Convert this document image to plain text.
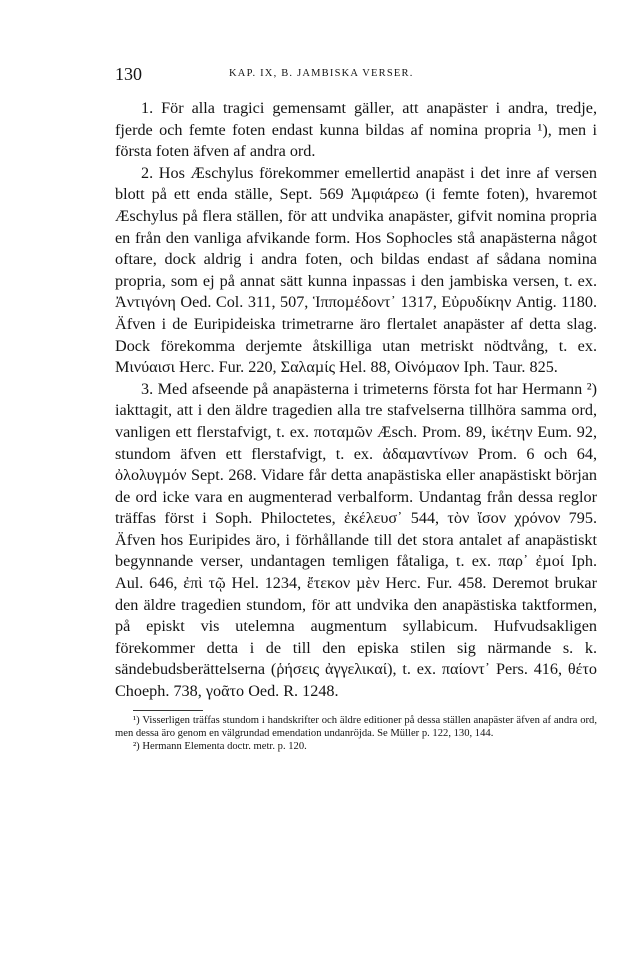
130	KAP. IX, B. JAMBISKA VERSER.

1. För alla tragici gemensamt gäller, att anapäster i andra, tredje, fjerde och femte foten endast kunna bildas af nomina propria ¹), men i första foten äfven af andra ord.

2. Hos Æschylus förekommer emellertid anapäst i det inre af versen blott på ett enda ställe, Sept. 569 Ἀμφιάρεω (i femte foten), hvaremot Æschylus på flera ställen, för att undvika anapäster, gifvit nomina propria en från den vanliga afvikande form. Hos Sophocles stå anapästerna något oftare, dock aldrig i andra foten, och bildas endast af sådana nomina propria, som ej på annat sätt kunna inpassas i den jambiska versen, t. ex. Ἀντιγόνη Oed. Col. 311, 507, Ἱπποµέδοντ᾽ 1317, Εὐρυδίκην Antig. 1180. Äfven i de Euripideiska trimetrarne äro flertalet anapäster af detta slag. Dock förekomma derjemte åtskilliga utan metriskt nödtvång, t. ex. Μινύαισι Herc. Fur. 220, Σαλαµίς Hel. 88, Οἰνόµαον Iph. Taur. 825.

3. Med afseende på anapästerna i trimeterns första fot har Hermann ²) iakttagit, att i den äldre tragedien alla tre stafvelserna tillhöra samma ord, vanligen ett flerstafvigt, t. ex. ποταµῶν Æsch. Prom. 89, ἱκέτην Eum. 92, stundom äfven ett flerstafvigt, t. ex. ἀδαµαντίνων Prom. 6 och 64, ὀλολυγµόν Sept. 268. Vidare får detta anapästiska eller anapästiskt början de ord icke vara en augmenterad verbalform. Undantag från dessa reglor träffas först i Soph. Philoctetes, ἐκέλευσ᾽ 544, τὸν ἴσον χρόνον 795. Äfven hos Euripides äro, i förhållande till det stora antalet af anapästiskt begynnande verser, undantagen temligen fåtaliga, t. ex. παρ᾽ ἐµοί Iph. Aul. 646, ἐπὶ τῷ Hel. 1234, ἔτεκον µὲν Herc. Fur. 458. Deremot brukar den äldre tragedien stundom, för att undvika den anapästiska taktformen, på episkt vis utelemna augmentum syllabicum. Hufvudsakligen förekommer detta i de till den episka stilen sig närmande s. k. sändebudsberättelserna (ῥήσεις ἀγγελικαί), t. ex. παίοντ᾽ Pers. 416, θέτο Choeph. 738, γοᾶτο Oed. R. 1248.

¹) Visserligen träffas stundom i handskrifter och äldre editioner på dessa ställen anapäster äfven af andra ord, men dessa äro genom en välgrundad emendation undanröjda. Se Müller p. 122, 130, 144.

²) Hermann Elementa doctr. metr. p. 120.
